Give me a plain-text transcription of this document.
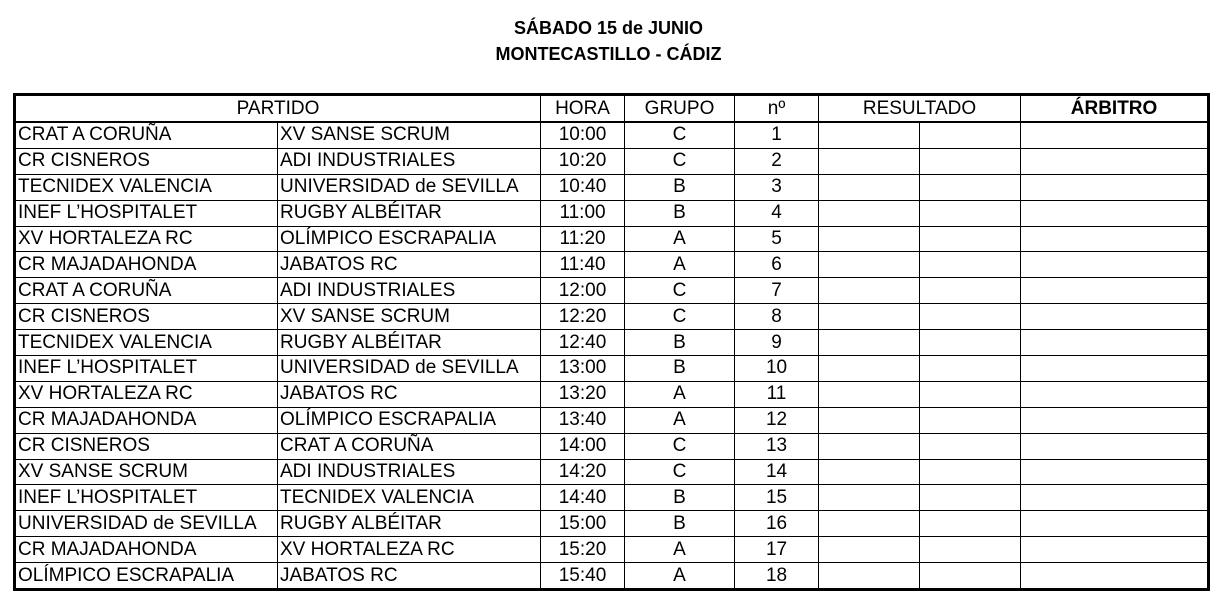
SÁBADO 15 de JUNIO
MONTECASTILLO - CÁDIZ
PARTIDO		HORA	GRUPO	nº	RESULTADO		ÁRBITRO
CRAT A CORUÑA	XV SANSE SCRUM	10:00	C	1			
CR CISNEROS	ADI INDUSTRIALES	10:20	C	2			
TECNIDEX VALENCIA	UNIVERSIDAD de SEVILLA	10:40	B	3			
INEF L’HOSPITALET	RUGBY ALBÉITAR	11:00	B	4			
XV HORTALEZA RC	OLÍMPICO ESCRAPALIA	11:20	A	5			
CR MAJADAHONDA	JABATOS RC	11:40	A	6			
CRAT A CORUÑA	ADI INDUSTRIALES	12:00	C	7			
CR CISNEROS	XV SANSE SCRUM	12:20	C	8			
TECNIDEX VALENCIA	RUGBY ALBÉITAR	12:40	B	9			
INEF L’HOSPITALET	UNIVERSIDAD de SEVILLA	13:00	B	10			
XV HORTALEZA RC	JABATOS RC	13:20	A	11			
CR MAJADAHONDA	OLÍMPICO ESCRAPALIA	13:40	A	12			
CR CISNEROS	CRAT A CORUÑA	14:00	C	13			
XV SANSE SCRUM	ADI INDUSTRIALES	14:20	C	14			
INEF L’HOSPITALET	TECNIDEX VALENCIA	14:40	B	15			
UNIVERSIDAD de SEVILLA	RUGBY ALBÉITAR	15:00	B	16			
CR MAJADAHONDA	XV HORTALEZA RC	15:20	A	17			
OLÍMPICO ESCRAPALIA	JABATOS RC	15:40	A	18			
